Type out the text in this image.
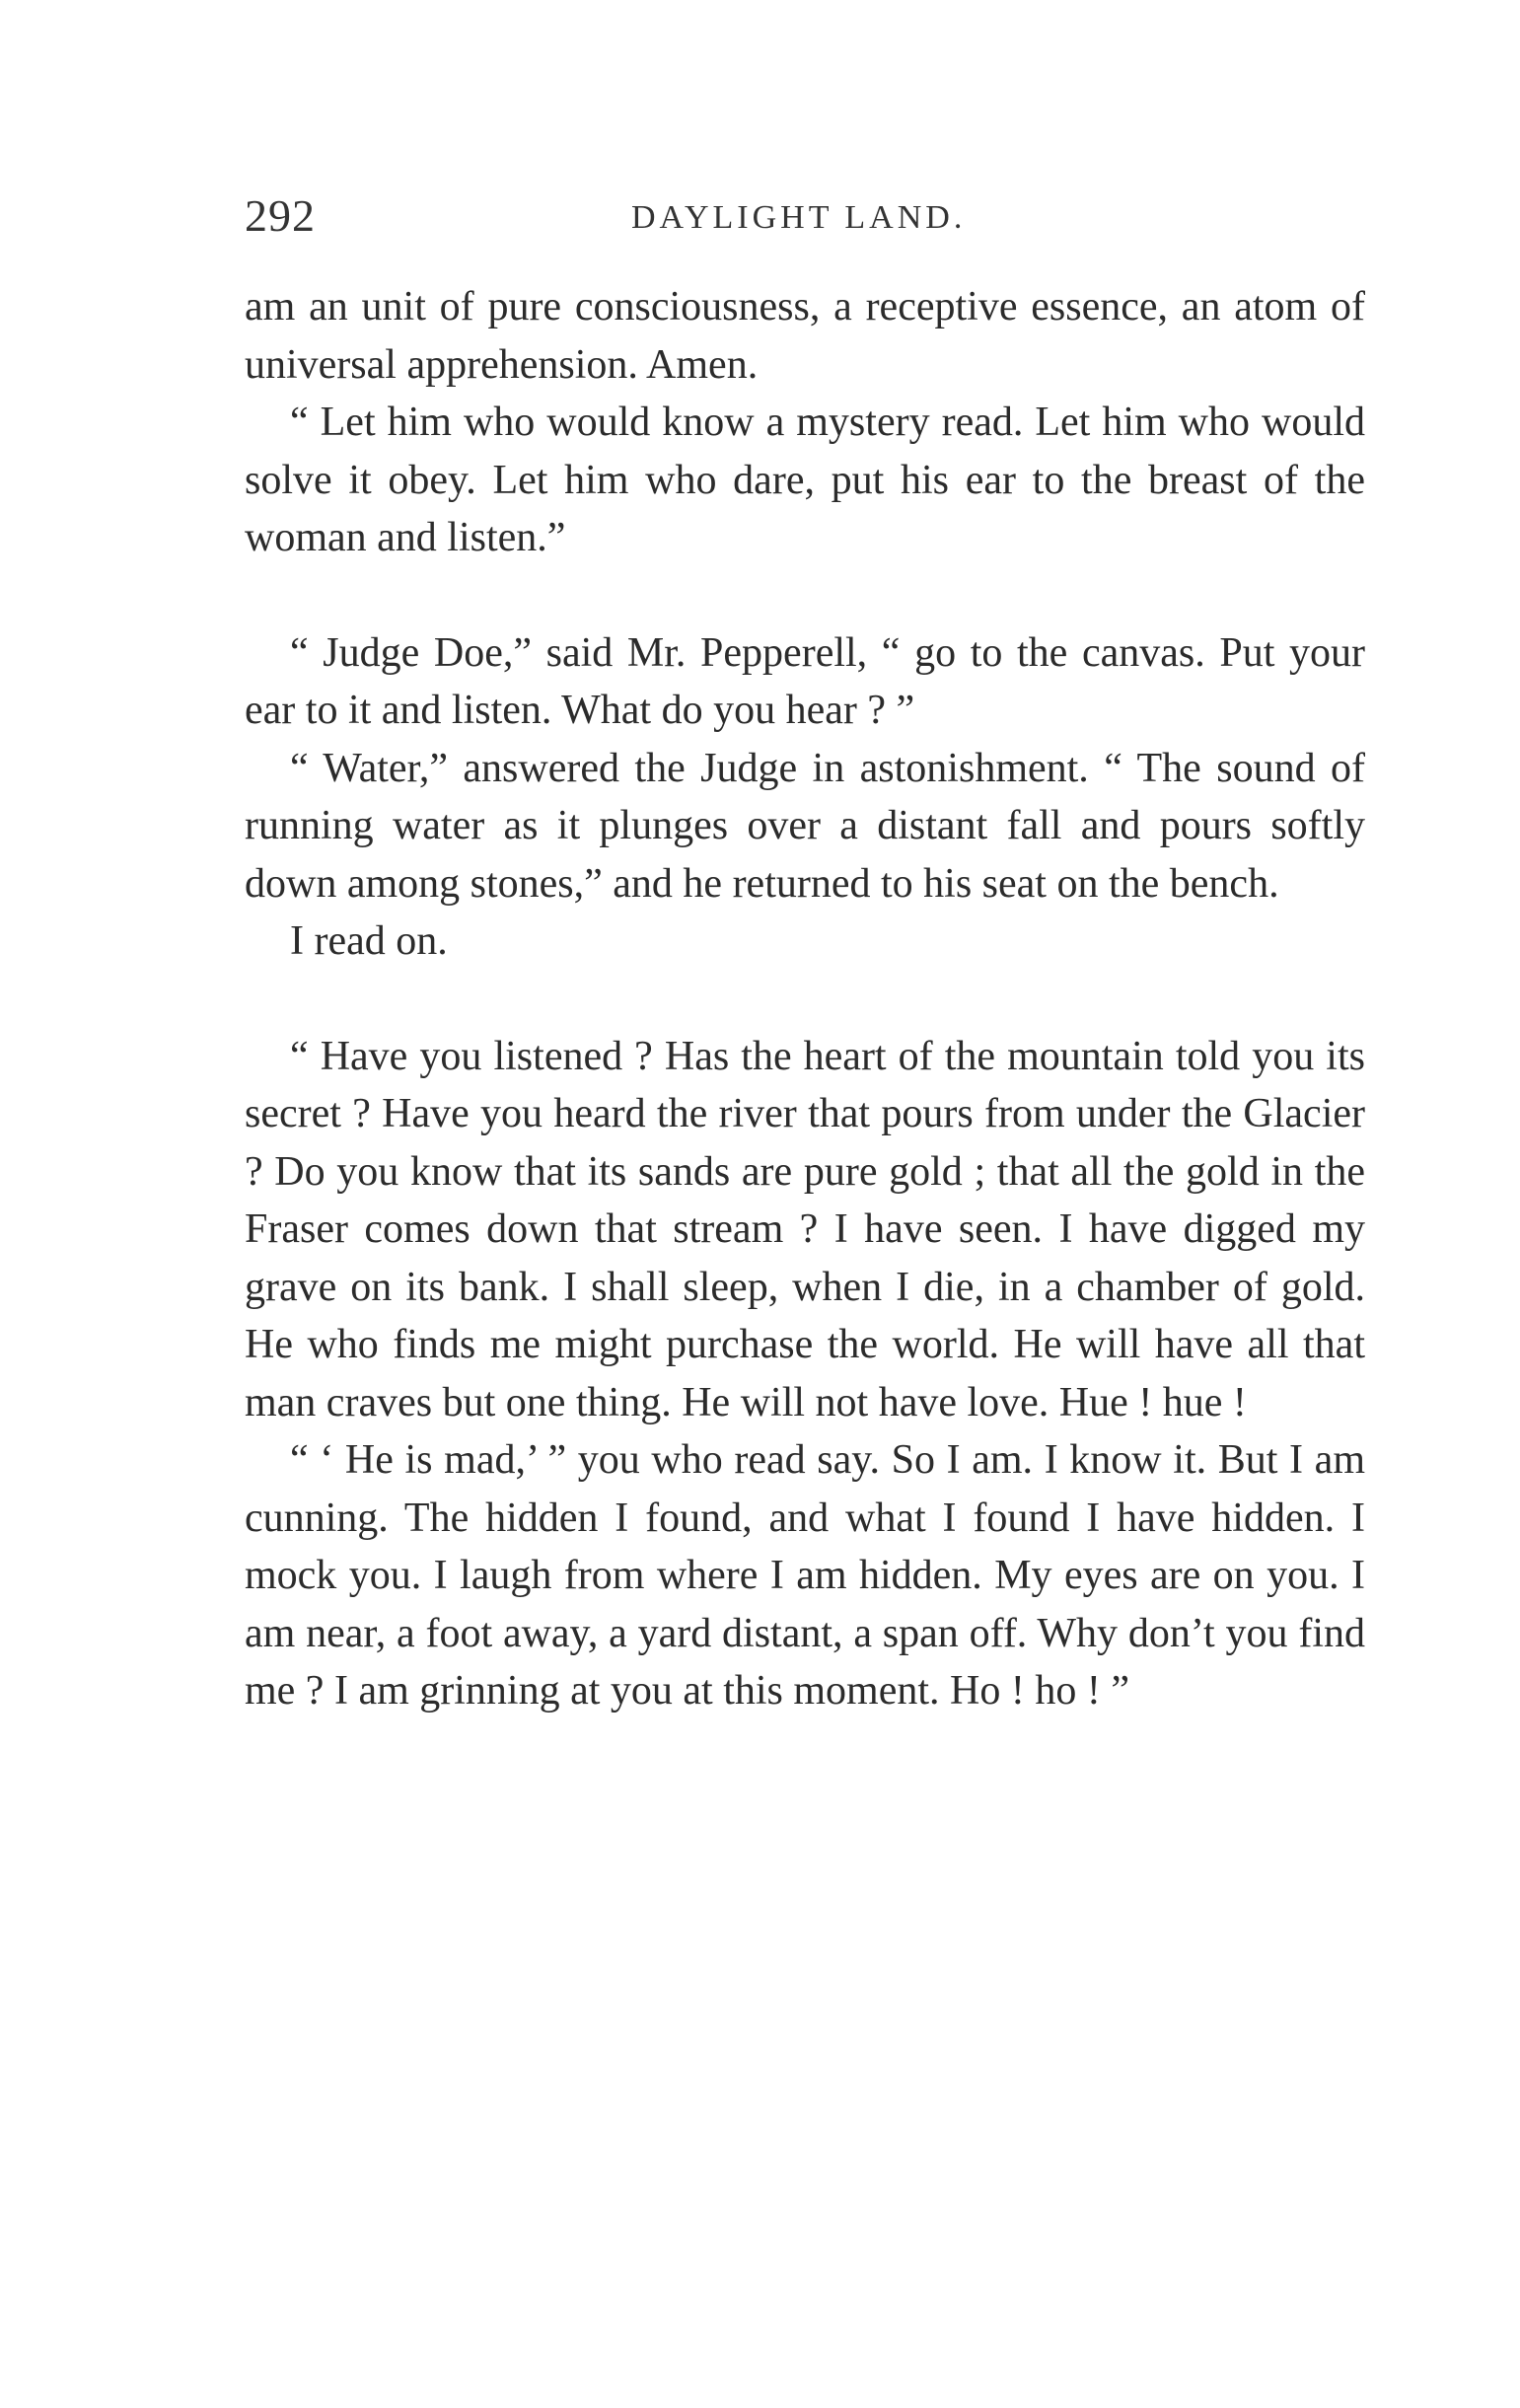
292	DAYLIGHT LAND.

am an unit of pure consciousness, a receptive essence, an atom of universal apprehension. Amen.

“ Let him who would know a mystery read. Let him who would solve it obey. Let him who dare, put his ear to the breast of the woman and listen.”

“ Judge Doe,” said Mr. Pepperell, “ go to the canvas. Put your ear to it and listen. What do you hear ? ”

“ Water,” answered the Judge in astonishment. “ The sound of running water as it plunges over a distant fall and pours softly down among stones,” and he returned to his seat on the bench.

I read on.

“ Have you listened ? Has the heart of the mountain told you its secret ? Have you heard the river that pours from under the Glacier ? Do you know that its sands are pure gold ; that all the gold in the Fraser comes down that stream ? I have seen. I have digged my grave on its bank. I shall sleep, when I die, in a chamber of gold. He who finds me might purchase the world. He will have all that man craves but one thing. He will not have love. Hue ! hue !

“ ‘ He is mad,’ ” you who read say. So I am. I know it. But I am cunning. The hidden I found, and what I found I have hidden. I mock you. I laugh from where I am hidden. My eyes are on you. I am near, a foot away, a yard distant, a span off. Why don’t you find me ? I am grinning at you at this moment. Ho ! ho ! ”
